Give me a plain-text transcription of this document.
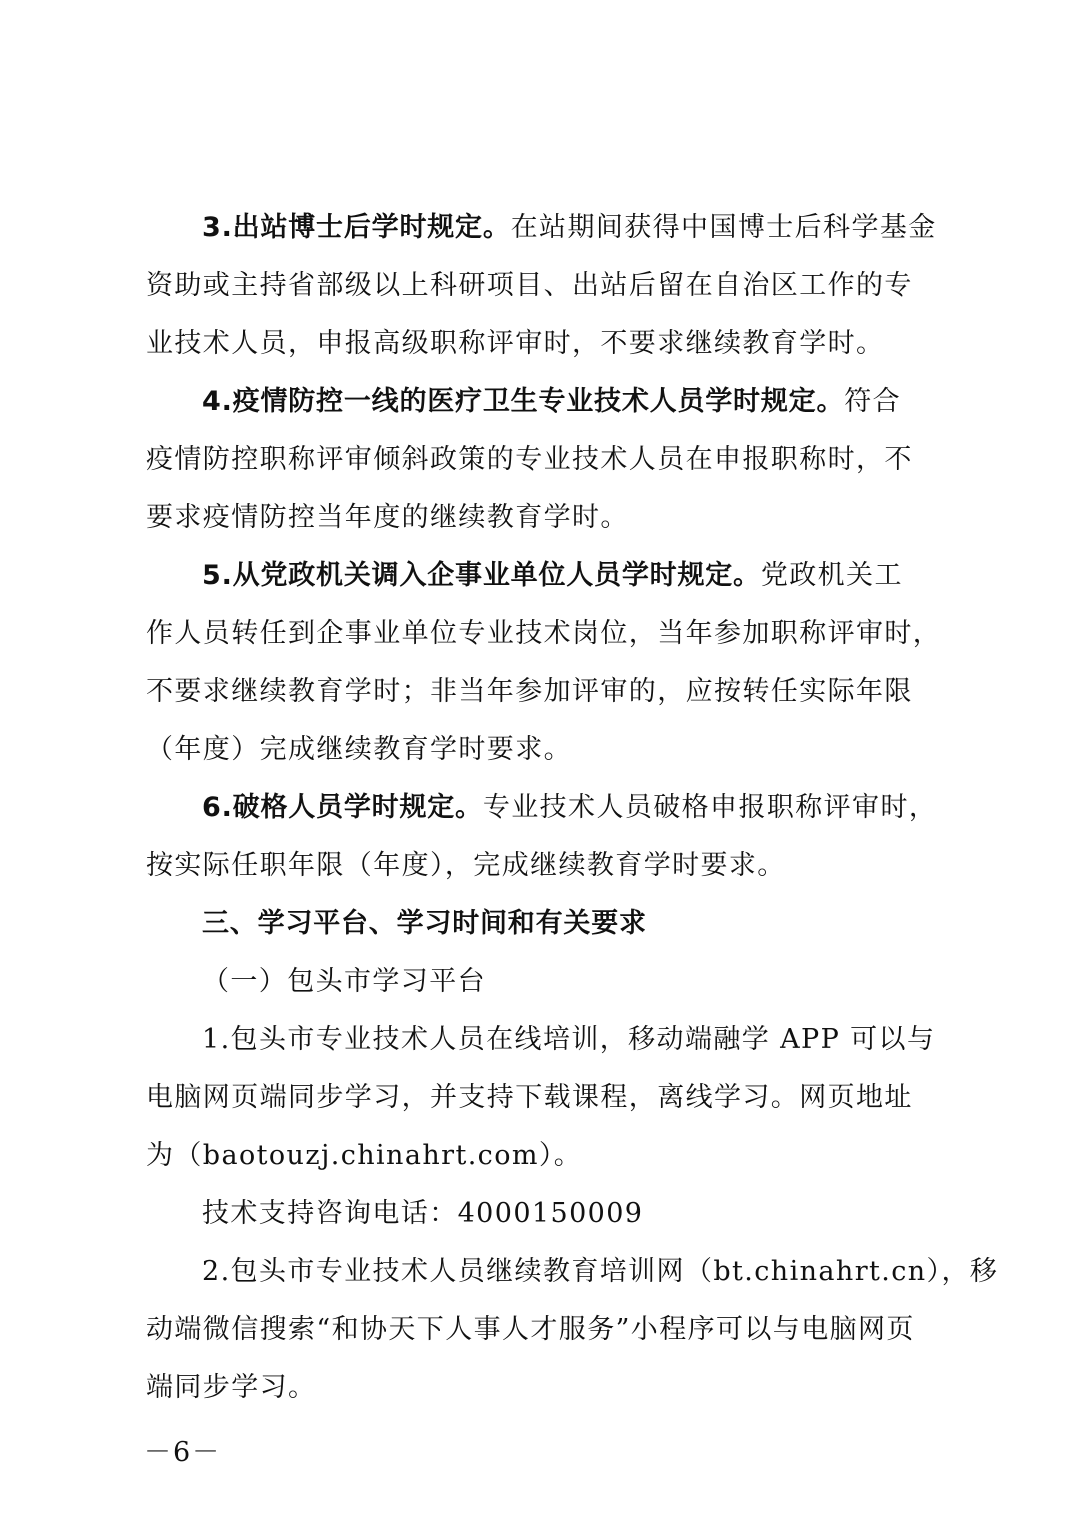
3.出站博士后学时规定。在站期间获得中国博士后科学基金
资助或主持省部级以上科研项目、出站后留在自治区工作的专
业技术人员，申报高级职称评审时，不要求继续教育学时。

4.疫情防控一线的医疗卫生专业技术人员学时规定。符合
疫情防控职称评审倾斜政策的专业技术人员在申报职称时，不
要求疫情防控当年度的继续教育学时。

5.从党政机关调入企事业单位人员学时规定。党政机关工
作人员转任到企事业单位专业技术岗位，当年参加职称评审时，
不要求继续教育学时；非当年参加评审的，应按转任实际年限
（年度）完成继续教育学时要求。

6.破格人员学时规定。专业技术人员破格申报职称评审时，
按实际任职年限（年度），完成继续教育学时要求。

三、学习平台、学习时间和有关要求

（一）包头市学习平台

1.包头市专业技术人员在线培训，移动端融学 APP 可以与
电脑网页端同步学习，并支持下载课程，离线学习。网页地址
为（baotouzj.chinahrt.com）。

技术支持咨询电话：4000150009

2.包头市专业技术人员继续教育培训网（bt.chinahrt.cn），移
动端微信搜索“和协天下人事人才服务”小程序可以与电脑网页
端同步学习。

－6－
